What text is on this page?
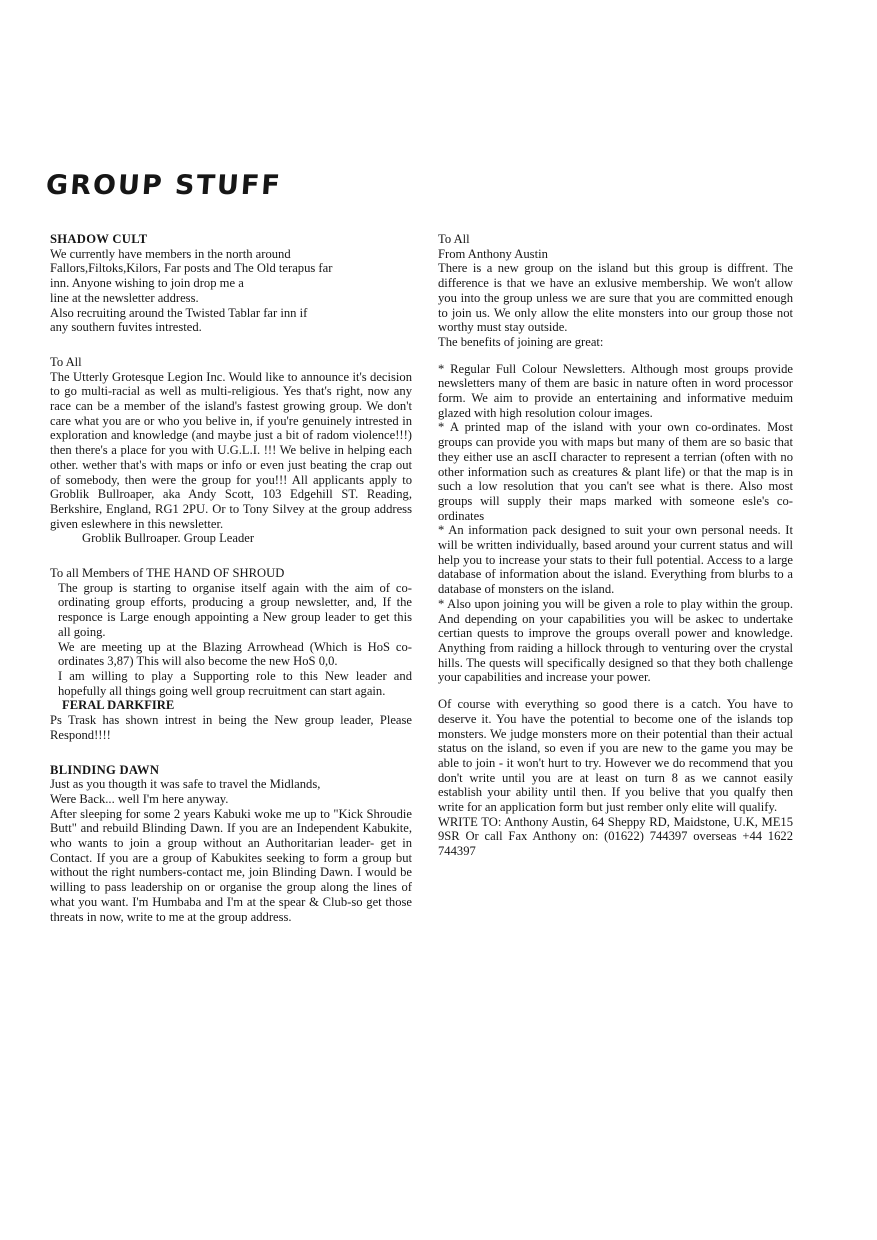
GROUP STUFF

SHADOW CULT

We currently have members in the north around

Fallors,Filtoks,Kilors, Far posts and The Old terapus far

inn. Anyone wishing to join drop me a

line at the newsletter address.

Also recruiting around the Twisted Tablar far inn if

any southern fuvites intrested.

To All

The Utterly Grotesque Legion Inc. Would like to announce it's decision to go multi-racial as well as multi-religious. Yes that's right, now any race can be a member of the island's fastest growing group. We don't care what you are or who you belive in, if you're genuinely intrested in exploration and knowledge (and maybe just a bit of radom violence!!!) then there's a place for you with U.G.L.I. !!! We belive in helping each other. wether that's with maps or info or even just beating the crap out of somebody, then were the group for you!!! All applicants apply to Groblik Bullroaper, aka Andy Scott, 103 Edgehill ST. Reading, Berkshire, England, RG1 2PU. Or to Tony Silvey at the group address given eslewhere in this newsletter.

Groblik Bullroaper. Group Leader

To all Members of THE HAND OF SHROUD

The group is starting to organise itself again with the aim of co-ordinating group efforts, producing a group newsletter, and, If the responce is Large enough appointing a New group leader to get this all going.

We are meeting up at the Blazing Arrowhead (Which is HoS co-ordinates 3,87) This will also become the new HoS 0,0.

I am willing to play a Supporting role to this New leader and hopefully all things going well group recruitment can start again.

FERAL DARKFIRE

Ps Trask has shown intrest in being the New group leader, Please Respond!!!!

BLINDING DAWN

Just as you thougth it was safe to travel the Midlands,

Were Back... well I'm here anyway.

After sleeping for some 2 years Kabuki woke me up to "Kick Shroudie Butt" and rebuild Blinding Dawn. If you are an Independent Kabukite, who wants to join a group without an Authoritarian leader- get in Contact. If you are a group of Kabukites seeking to form a group but without the right numbers-contact me, join Blinding Dawn. I would be willing to pass leadership on or organise the group along the lines of what you want. I'm Humbaba and I'm at the spear & Club-so get those threats in now, write to me at the group address.

To All

From Anthony Austin

There is a new group on the island but this group is diffrent. The difference is that we have an exlusive membership. We won't allow you into the group unless we are sure that you are committed enough to join us. We only allow the elite monsters into our group those not worthy must stay outside.

The benefits of joining are great:

* Regular Full Colour Newsletters. Although most groups provide newsletters many of them are basic in nature often in word processor form. We aim to provide an entertaining and informative meduim glazed with high resolution colour images.

* A printed map of the island with your own co-ordinates. Most groups can provide you with maps but many of them are so basic that they either use an ascII character to represent a terrian (often with no other information such as creatures & plant life) or that the map is in such a low resolution that you can't see what is there. Also most groups will supply their maps marked with someone esle's co-ordinates

* An information pack designed to suit your own personal needs. It will be written individually, based around your current status and will help you to increase your stats to their full potential. Access to a large database of information about the island. Everything from blurbs to a database of monsters on the island.

* Also upon joining you will be given a role to play within the group. And depending on your capabilities you will be askec to undertake certian quests to improve the groups overall power and knowledge. Anything from raiding a hillock through to venturing over the crystal hills. The quests will specifically designed so that they both challenge your capabilities and increase your power.

Of course with everything so good there is a catch. You have to deserve it. You have the potential to become one of the islands top monsters. We judge monsters more on their potential than their actual status on the island, so even if you are new to the game you may be able to join - it won't hurt to try. However we do recommend that you don't write until you are at least on turn 8 as we cannot easily establish your ability until then. If you belive that you qualfy then write for an application form but just rember only elite will qualify.

WRITE TO: Anthony Austin, 64 Sheppy RD, Maidstone, U.K, ME15 9SR Or call Fax Anthony on: (01622) 744397 overseas +44 1622 744397
